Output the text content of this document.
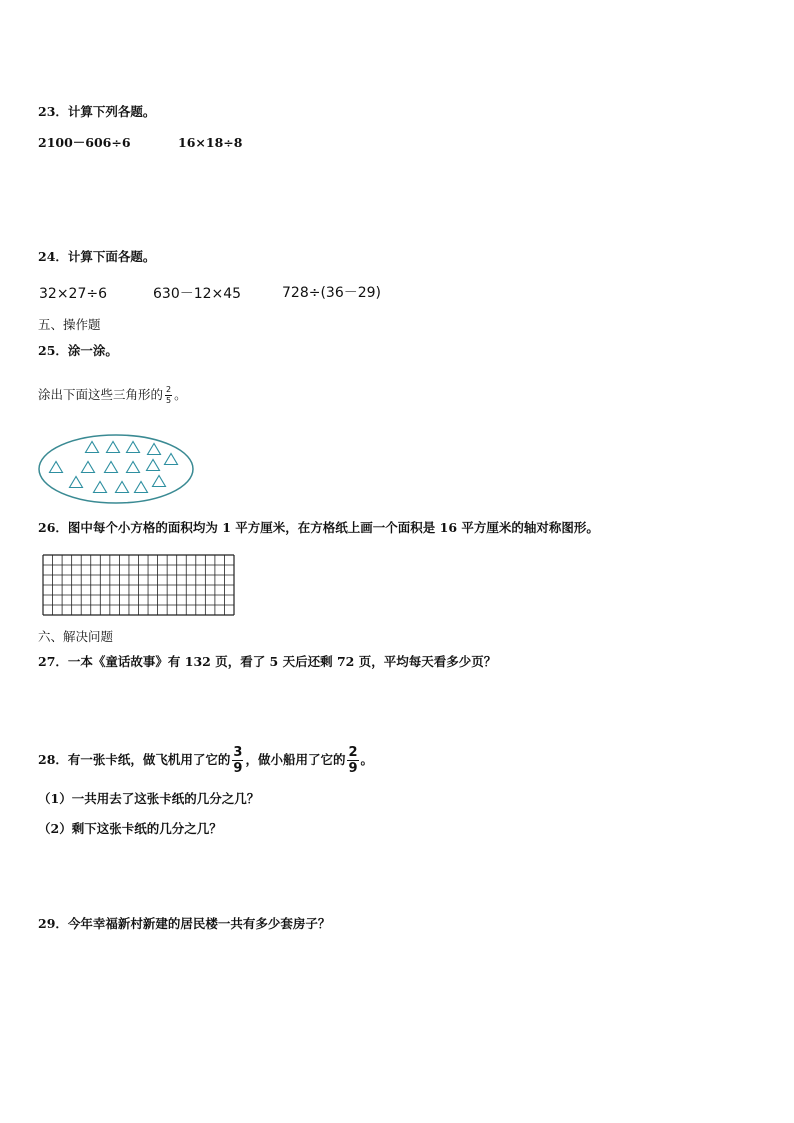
23．计算下列各题。
2100－606÷6	16×18÷8
24．计算下面各题。
32×27÷6	630－12×45	728÷(36－29)
五、操作题
25．涂一涂。
涂出下面这些三角形的 $\frac{2}{5}$ 。
26．图中每个小方格的面积均为 1 平方厘米，在方格纸上画一个面积是 16 平方厘米的轴对称图形。
六、解决问题
27．一本《童话故事》有 132 页，看了 5 天后还剩 72 页，平均每天看多少页？
28．有一张卡纸，做飞机用了它的 $\frac{3}{9}$ ，做小船用了它的 $\frac{2}{9}$ 。
（1）一共用去了这张卡纸的几分之几？
（2）剩下这张卡纸的几分之几？
29．今年幸福新村新建的居民楼一共有多少套房子？
